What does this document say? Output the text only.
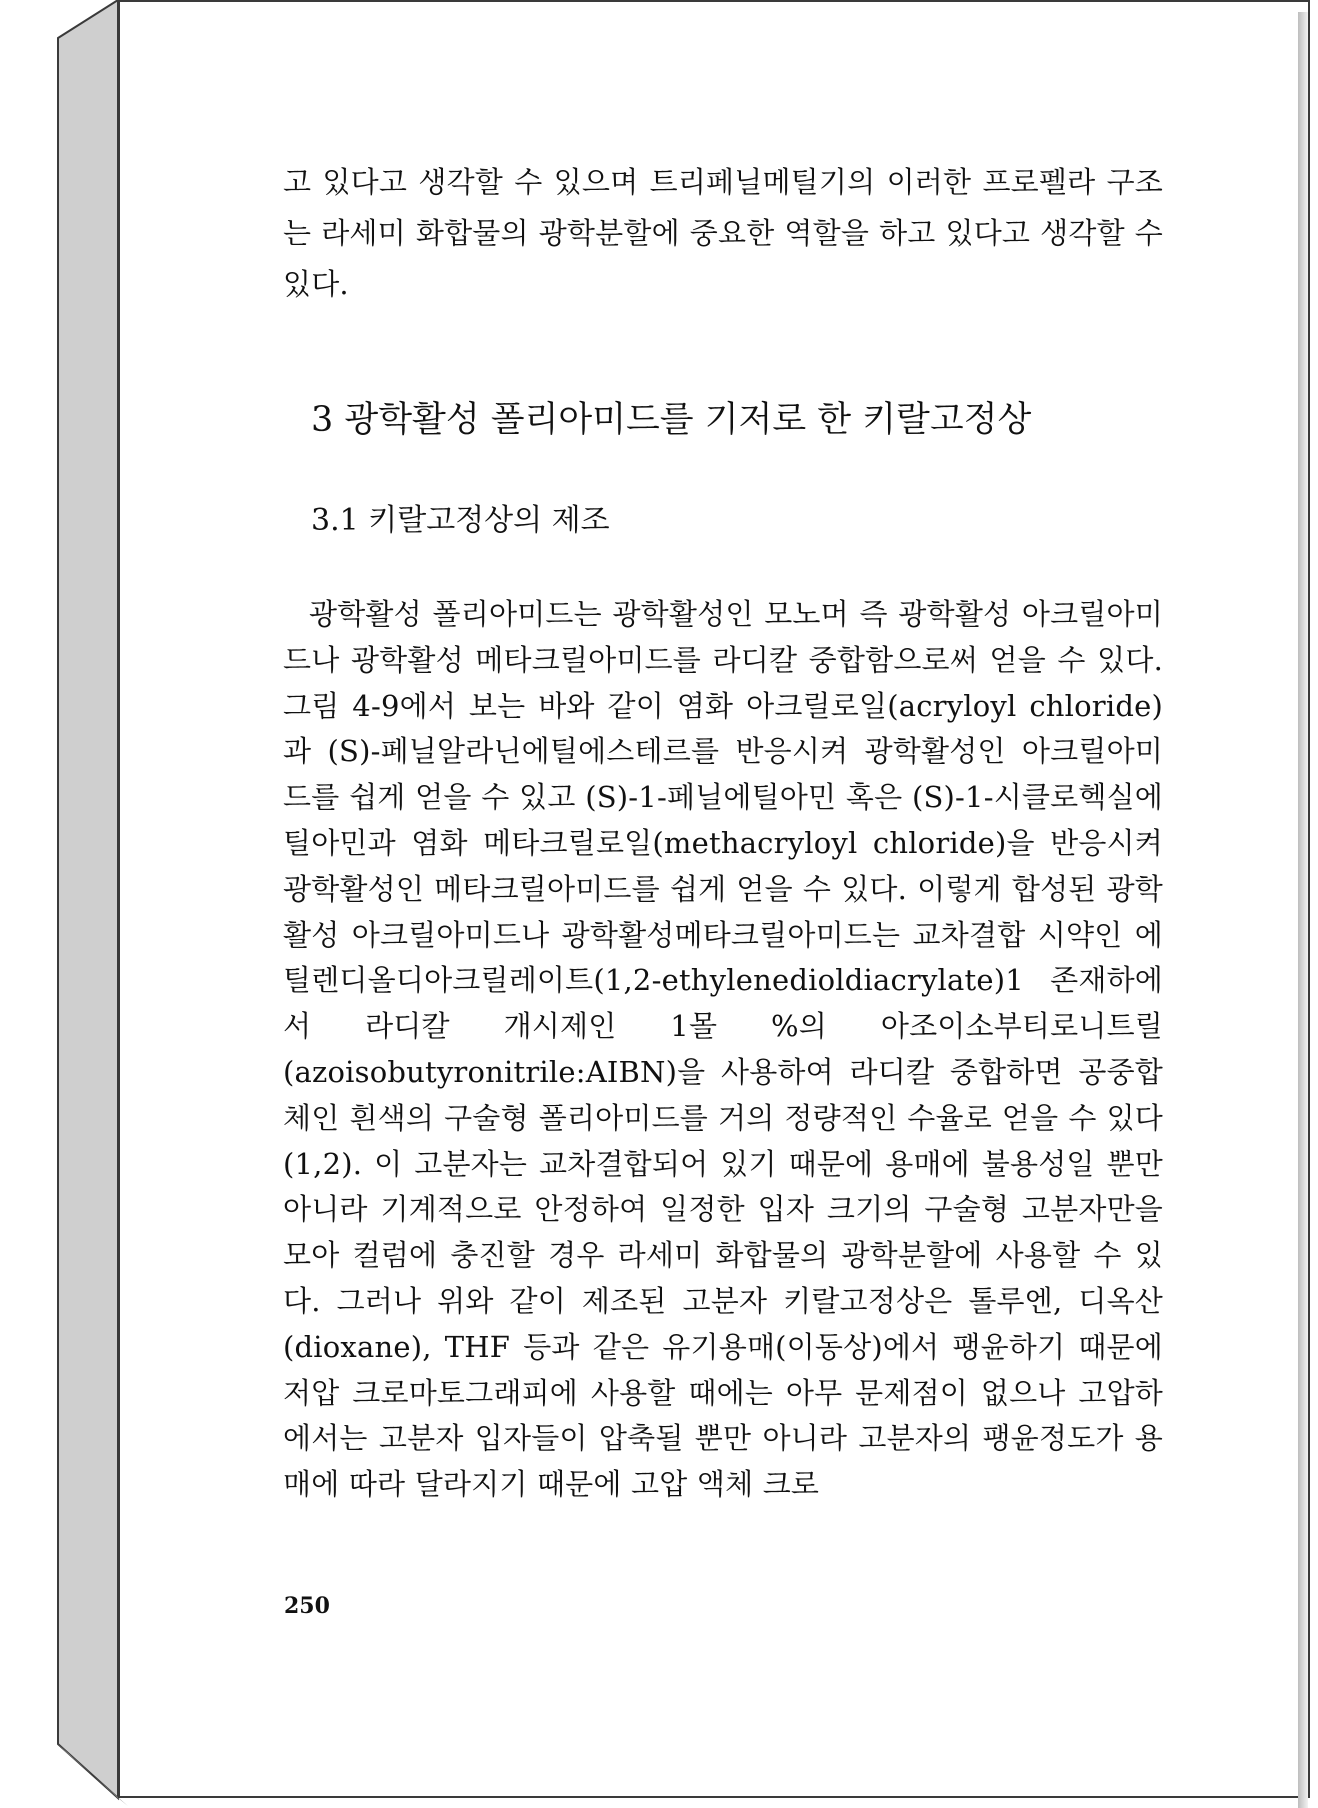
고 있다고 생각할 수 있으며 트리페닐메틸기의 이러한 프로펠라 구조는 라세미 화합물의 광학분할에 중요한 역할을 하고 있다고 생각할 수 있다.

3 광학활성 폴리아미드를 기저로 한 키랄고정상
3.1 키랄고정상의 제조

광학활성 폴리아미드는 광학활성인 모노머 즉 광학활성 아크릴아미드나 광학활성 메타크릴아미드를 라디칼 중합함으로써 얻을 수 있다. 그림 4-9에서 보는 바와 같이 염화 아크릴로일(acryloyl chloride)과 (S)-페닐알라닌에틸에스테르를 반응시켜 광학활성인 아크릴아미드를 쉽게 얻을 수 있고 (S)-1-페닐에틸아민 혹은 (S)-1-시클로헥실에틸아민과 염화 메타크릴로일(methacryloyl chloride)을 반응시켜 광학활성인 메타크릴아미드를 쉽게 얻을 수 있다. 이렇게 합성된 광학활성 아크릴아미드나 광학활성메타크릴아미드는 교차결합 시약인 에틸렌디올디아크릴레이트(1,2-ethylenedioldiacrylate)1 존재하에서 라디칼 개시제인 1몰 %의 아조이소부티로니트릴(azoisobutyronitrile:AIBN)을 사용하여 라디칼 중합하면 공중합체인 흰색의 구술형 폴리아미드를 거의 정량적인 수율로 얻을 수 있다(1,2). 이 고분자는 교차결합되어 있기 때문에 용매에 불용성일 뿐만 아니라 기계적으로 안정하여 일정한 입자 크기의 구술형 고분자만을 모아 컬럼에 충진할 경우 라세미 화합물의 광학분할에 사용할 수 있다. 그러나 위와 같이 제조된 고분자 키랄고정상은 톨루엔, 디옥산(dioxane), THF 등과 같은 유기용매(이동상)에서 팽윤하기 때문에 저압 크로마토그래피에 사용할 때에는 아무 문제점이 없으나 고압하에서는 고분자 입자들이 압축될 뿐만 아니라 고분자의 팽윤정도가 용매에 따라 달라지기 때문에 고압 액체 크로

250
